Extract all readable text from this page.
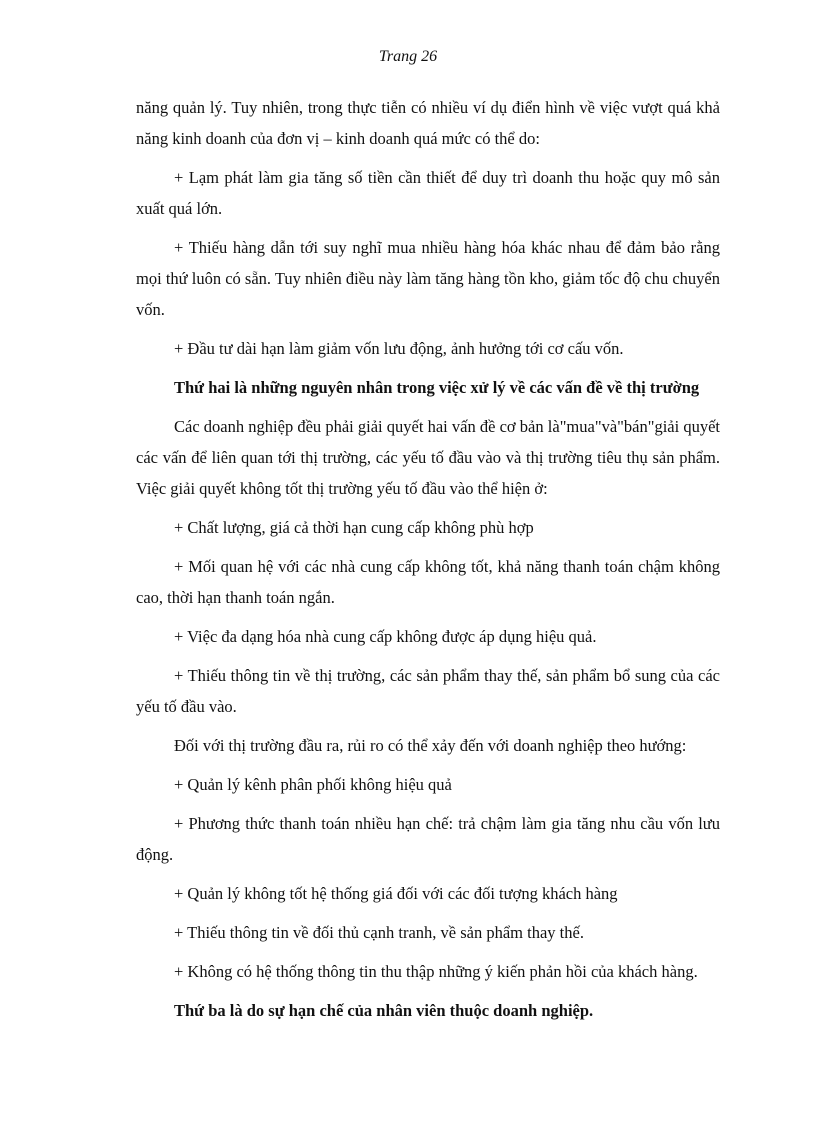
Trang 26

năng quản lý. Tuy nhiên, trong thực tiễn có nhiều ví dụ điển hình về việc vượt quá khả năng kinh doanh của đơn vị – kinh doanh quá mức có thể do:

+ Lạm phát làm gia tăng số tiền cần thiết để duy trì doanh thu hoặc quy mô sản xuất quá lớn.

+ Thiếu hàng dẫn tới suy nghĩ mua nhiều hàng hóa khác nhau để đảm bảo rằng mọi thứ luôn có sẵn. Tuy nhiên điều này làm tăng hàng tồn kho, giảm tốc độ chu chuyển vốn.

+ Đầu tư dài hạn làm giảm vốn lưu động, ảnh hưởng tới cơ cấu vốn.

Thứ hai là những nguyên nhân trong việc xử lý về các vấn đề về thị trường

Các doanh nghiệp đều phải giải quyết hai vấn đề cơ bản là"mua"và"bán"giải quyết các vấn để liên quan tới thị trường, các yếu tố đầu vào và thị trường tiêu thụ sản phẩm. Việc giải quyết không tốt thị trường yếu tố đầu vào thể hiện ở:

+ Chất lượng, giá cả thời hạn cung cấp không phù hợp

+ Mối quan hệ với các nhà cung cấp không tốt, khả năng thanh toán chậm không cao, thời hạn thanh toán ngắn.

+ Việc đa dạng hóa nhà cung cấp không được áp dụng hiệu quả.

+ Thiếu thông tin về thị trường, các sản phẩm thay thế, sản phẩm bổ sung của các yếu tố đầu vào.

Đối với thị trường đầu ra, rủi ro có thể xảy đến với doanh nghiệp theo hướng:

+ Quản lý kênh phân phối không hiệu quả

+ Phương thức thanh toán nhiều hạn chế: trả chậm làm gia tăng nhu cầu vốn lưu động.

+ Quản lý không tốt hệ thống giá đối với các đối tượng khách hàng

+ Thiếu thông tin về đối thủ cạnh tranh, về sản phẩm thay thế.

+ Không có hệ thống thông tin thu thập những ý kiến phản hồi của khách hàng.

Thứ ba là do sự hạn chế của nhân viên thuộc doanh nghiệp.
